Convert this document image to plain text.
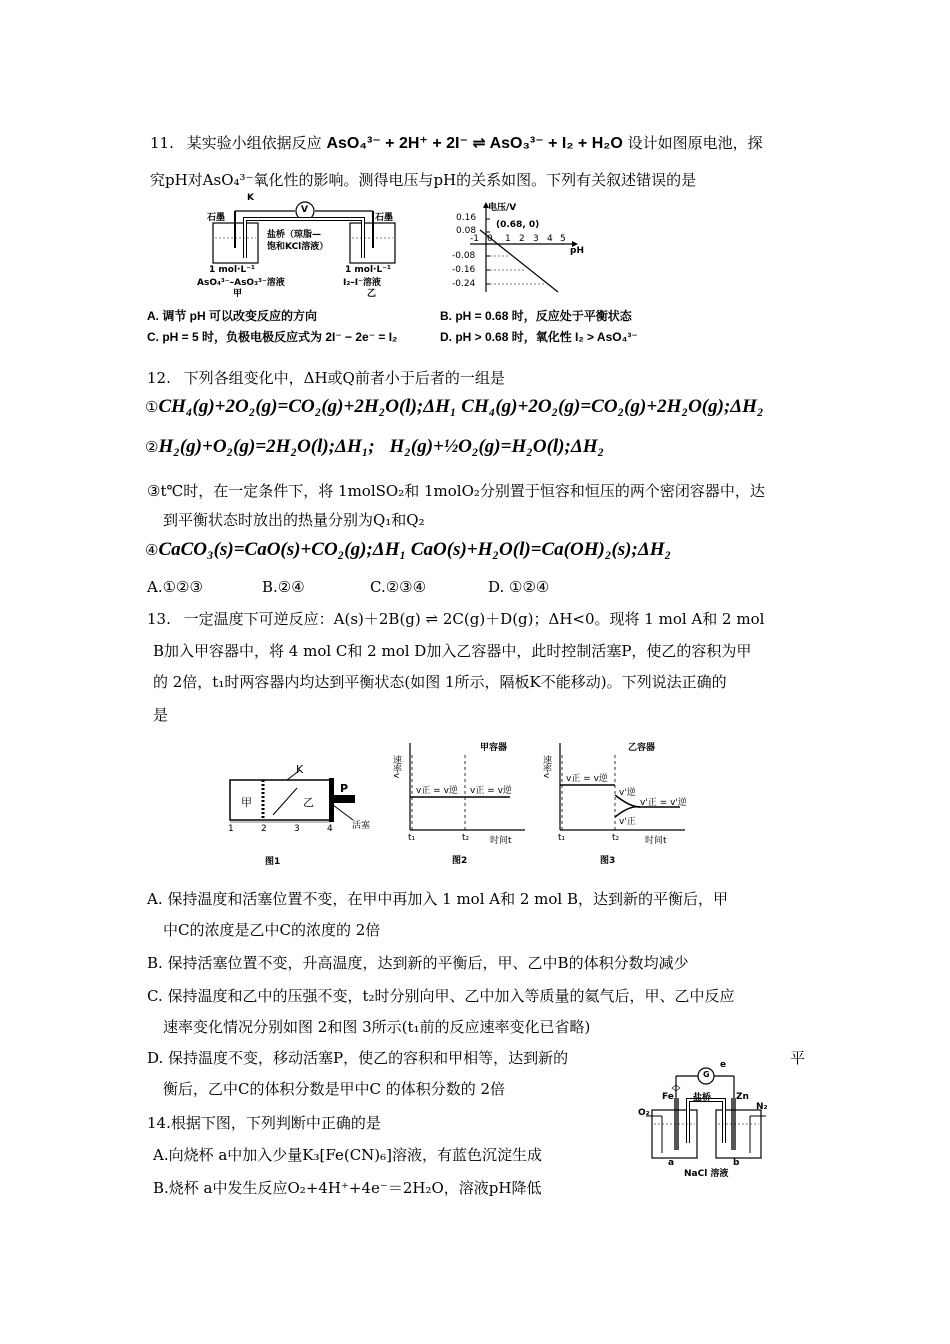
11. 某实验小组依据反应 AsO₄³⁻ + 2H⁺ + 2I⁻ ⇌ AsO₃³⁻ + I₂ + H₂O 设计如图原电池，探
究pH对AsO₄³⁻氧化性的影响。测得电压与pH的关系如图。下列有关叙述错误的是
K
V
石墨	石墨
盐桥（琼脂—
饱和KCl溶液）
1 mol·L⁻¹
AsO₄³⁻–AsO₃³⁻溶液
甲
1 mol·L⁻¹
I₂–I⁻溶液
乙
电压/V
pH
(0.68, 0)
0.16
0.08
-0.08
-0.16
-0.24
-1 0 1 2 3 4 5
A. 调节 pH 可以改变反应的方向	B. pH = 0.68 时，反应处于平衡状态
C. pH = 5 时，负极电极反应式为 2I⁻ − 2e⁻ = I₂	D. pH > 0.68 时，氧化性 I₂ > AsO₄³⁻
12. 下列各组变化中，ΔH或Q前者小于后者的一组是
①CH₄(g)+2O₂(g)=CO₂(g)+2H₂O(l);ΔH₁ CH₄(g)+2O₂(g)=CO₂(g)+2H₂O(g);ΔH₂
②H₂(g)+O₂(g)=2H₂O(l);ΔH₁; H₂(g)+½O₂(g)=H₂O(l);ΔH₂
③t℃时，在一定条件下，将 1molSO₂和 1molO₂分别置于恒容和恒压的两个密闭容器中，达
到平衡状态时放出的热量分别为Q₁和Q₂
④CaCO₃(s)=CaO(s)+CO₂(g);ΔH₁ CaO(s)+H₂O(l)=Ca(OH)₂(s);ΔH₂
A.①②③	B.②④	C.②③④	D. ①②④
13. 一定温度下可逆反应：A(s)＋2B(g) ⇌ 2C(g)＋D(g)；ΔH<0。现将 1 mol A和 2 mol
B加入甲容器中，将 4 mol C和 2 mol D加入乙容器中，此时控制活塞P，使乙的容积为甲
的 2倍，t₁时两容器内均达到平衡状态(如图 1所示，隔板K不能移动)。下列说法正确的
是
甲	乙
K
P
活塞
1	2	3	4
图1
速率v
甲容器
v正 = v逆 v正 = v逆
t₁	t₂ 时间t
图2
速率v
乙容器
v正 = v逆
v'逆
v'正
v'正 = v'逆
t₁	t₂	时间t
图3
A. 保持温度和活塞位置不变，在甲中再加入 1 mol A和 2 mol B，达到新的平衡后，甲
中C的浓度是乙中C的浓度的 2倍
B. 保持活塞位置不变，升高温度，达到新的平衡后，甲、乙中B的体积分数均减少
C. 保持温度和乙中的压强不变，t₂时分别向甲、乙中加入等质量的氦气后，甲、乙中反应
速率变化情况分别如图 2和图 3所示(t₁前的反应速率变化已省略)
D. 保持温度不变，移动活塞P，使乙的容积和甲相等，达到新的	平
衡后，乙中C的体积分数是甲中C 的体积分数的 2倍
14.根据下图，下列判断中正确的是
A.向烧杯 a中加入少量K₃[Fe(CN)₆]溶液，有蓝色沉淀生成
B.烧杯 a中发生反应O₂+4H⁺+4e⁻＝2H₂O，溶液pH降低
G
e
Fe	Zn
盐桥
O₂
N₂
a	b
NaCl 溶液
